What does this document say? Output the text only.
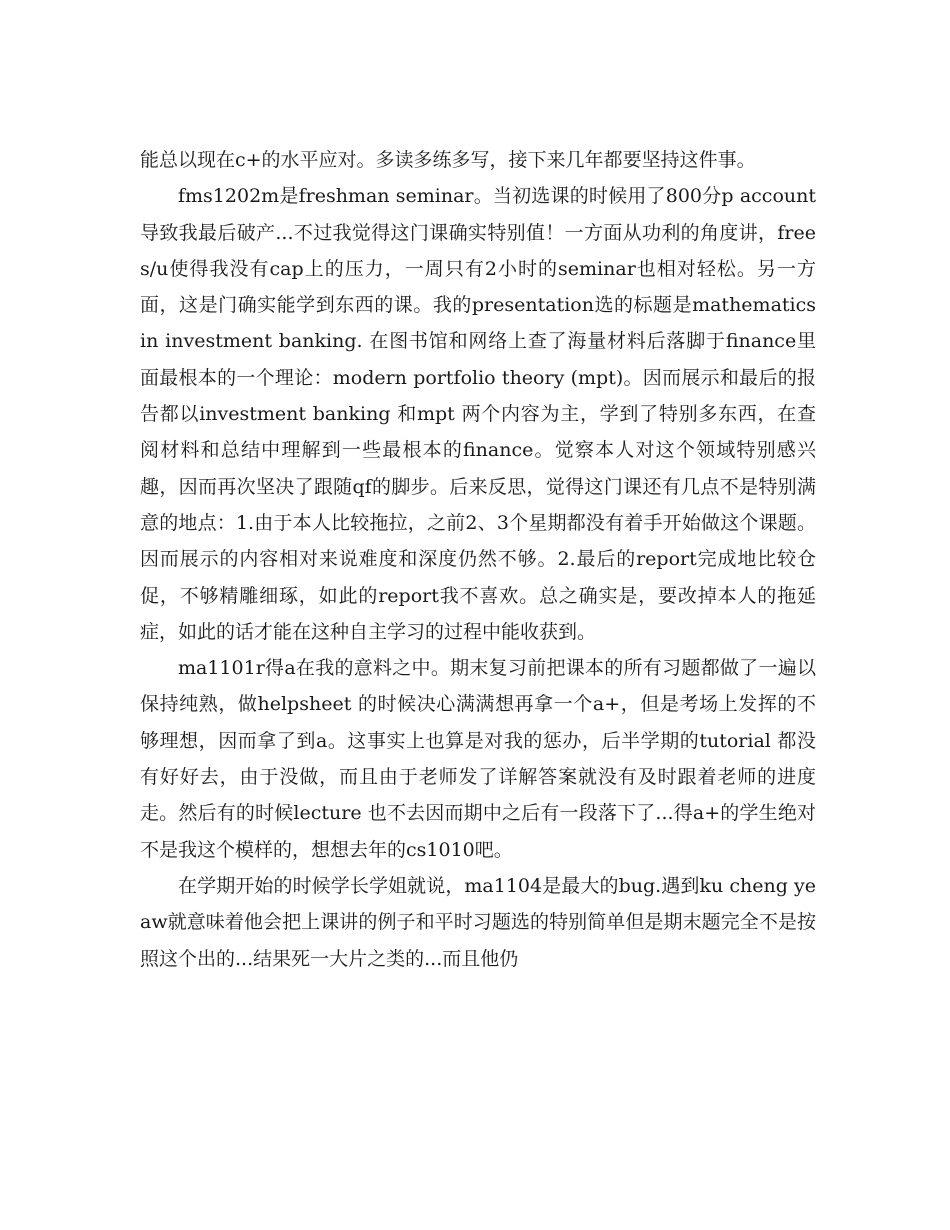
能总以现在c+的水平应对。多读多练多写，接下来几年都要坚持这件事。

fms1202m是freshman seminar。当初选课的时候用了800分p account 导致我最后破产...不过我觉得这门课确实特别值！一方面从功利的角度讲，free s/u使得我没有cap上的压力，一周只有2小时的seminar也相对轻松。另一方面，这是门确实能学到东西的课。我的presentation选的标题是mathematics in investment banking. 在图书馆和网络上查了海量材料后落脚于finance里面最根本的一个理论：modern portfolio theory (mpt)。因而展示和最后的报告都以investment banking 和mpt 两个内容为主，学到了特别多东西，在查阅材料和总结中理解到一些最根本的finance。觉察本人对这个领域特别感兴趣，因而再次坚决了跟随qf的脚步。后来反思，觉得这门课还有几点不是特别满意的地点：1.由于本人比较拖拉，之前2、3个星期都没有着手开始做这个课题。因而展示的内容相对来说难度和深度仍然不够。2.最后的report完成地比较仓促，不够精雕细琢，如此的report我不喜欢。总之确实是，要改掉本人的拖延症，如此的话才能在这种自主学习的过程中能收获到。

ma1101r得a在我的意料之中。期末复习前把课本的所有习题都做了一遍以保持纯熟，做helpsheet 的时候决心满满想再拿一个a+，但是考场上发挥的不够理想，因而拿了到a。这事实上也算是对我的惩办，后半学期的tutorial 都没有好好去，由于没做，而且由于老师发了详解答案就没有及时跟着老师的进度走。然后有的时候lecture 也不去因而期中之后有一段落下了...得a+的学生绝对不是我这个模样的，想想去年的cs1010吧。

在学期开始的时候学长学姐就说，ma1104是最大的bug.遇到ku cheng yeaw就意味着他会把上课讲的例子和平时习题选的特别简单但是期末题完全不是按照这个出的...结果死一大片之类的...而且他仍
